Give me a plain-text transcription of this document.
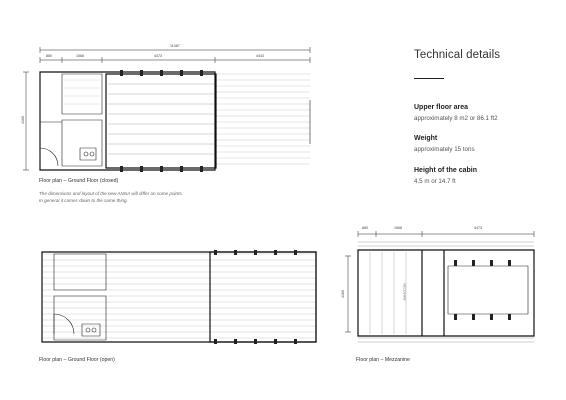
11087
880	1566	4473	4443
4160
Floor plan – Ground Floor (closed)
The dimensions and layout of the new ANNA will differ on some points.
In general it comes down to the same thing.
Technical details
Upper floor area
approximately 8 m2 or 86.1 ft2
Weight
approximately 15 tons
Height of the cabin
4.5 m or 14.7 ft
Floor plan – Ground Floor (open)
880	1566	4473
4160	MEZZANINE
Floor plan – Mezzanine
